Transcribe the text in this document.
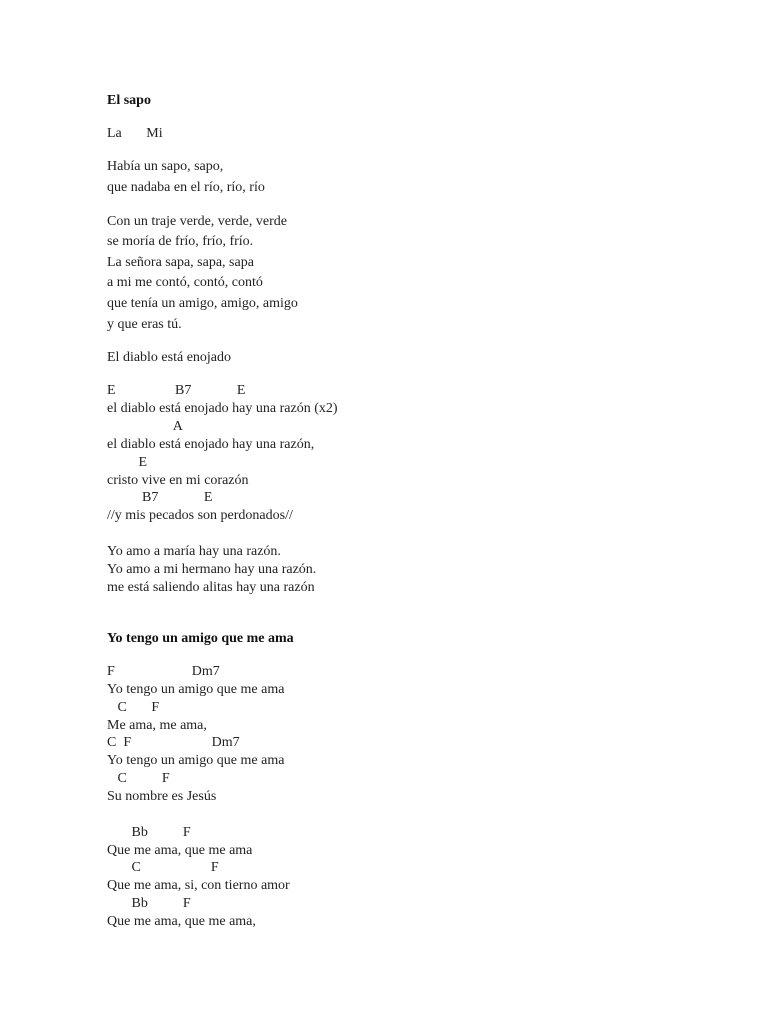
El sapo
La       Mi
Había un sapo, sapo,
que nadaba en el río, río, río
Con un traje verde, verde, verde
se moría de frío, frío, frío.
La señora sapa, sapa, sapa
a mi me contó, contó, contó
que tenía un amigo, amigo, amigo
y que eras tú.
El diablo está enojado
E                 B7             E
el diablo está enojado hay una razón (x2)
A
el diablo está enojado hay una razón,
E
cristo vive en mi corazón
B7             E
//y mis pecados son perdonados//
Yo amo a maría hay una razón.
Yo amo a mi hermano hay una razón.
me está saliendo alitas hay una razón
Yo tengo un amigo que me ama
F                      Dm7
Yo tengo un amigo que me ama
C       F
Me ama, me ama,
C  F                       Dm7
Yo tengo un amigo que me ama
C          F
Su nombre es Jesús
Bb          F
Que me ama, que me ama
C                    F
Que me ama, si, con tierno amor
Bb          F
Que me ama, que me ama,
